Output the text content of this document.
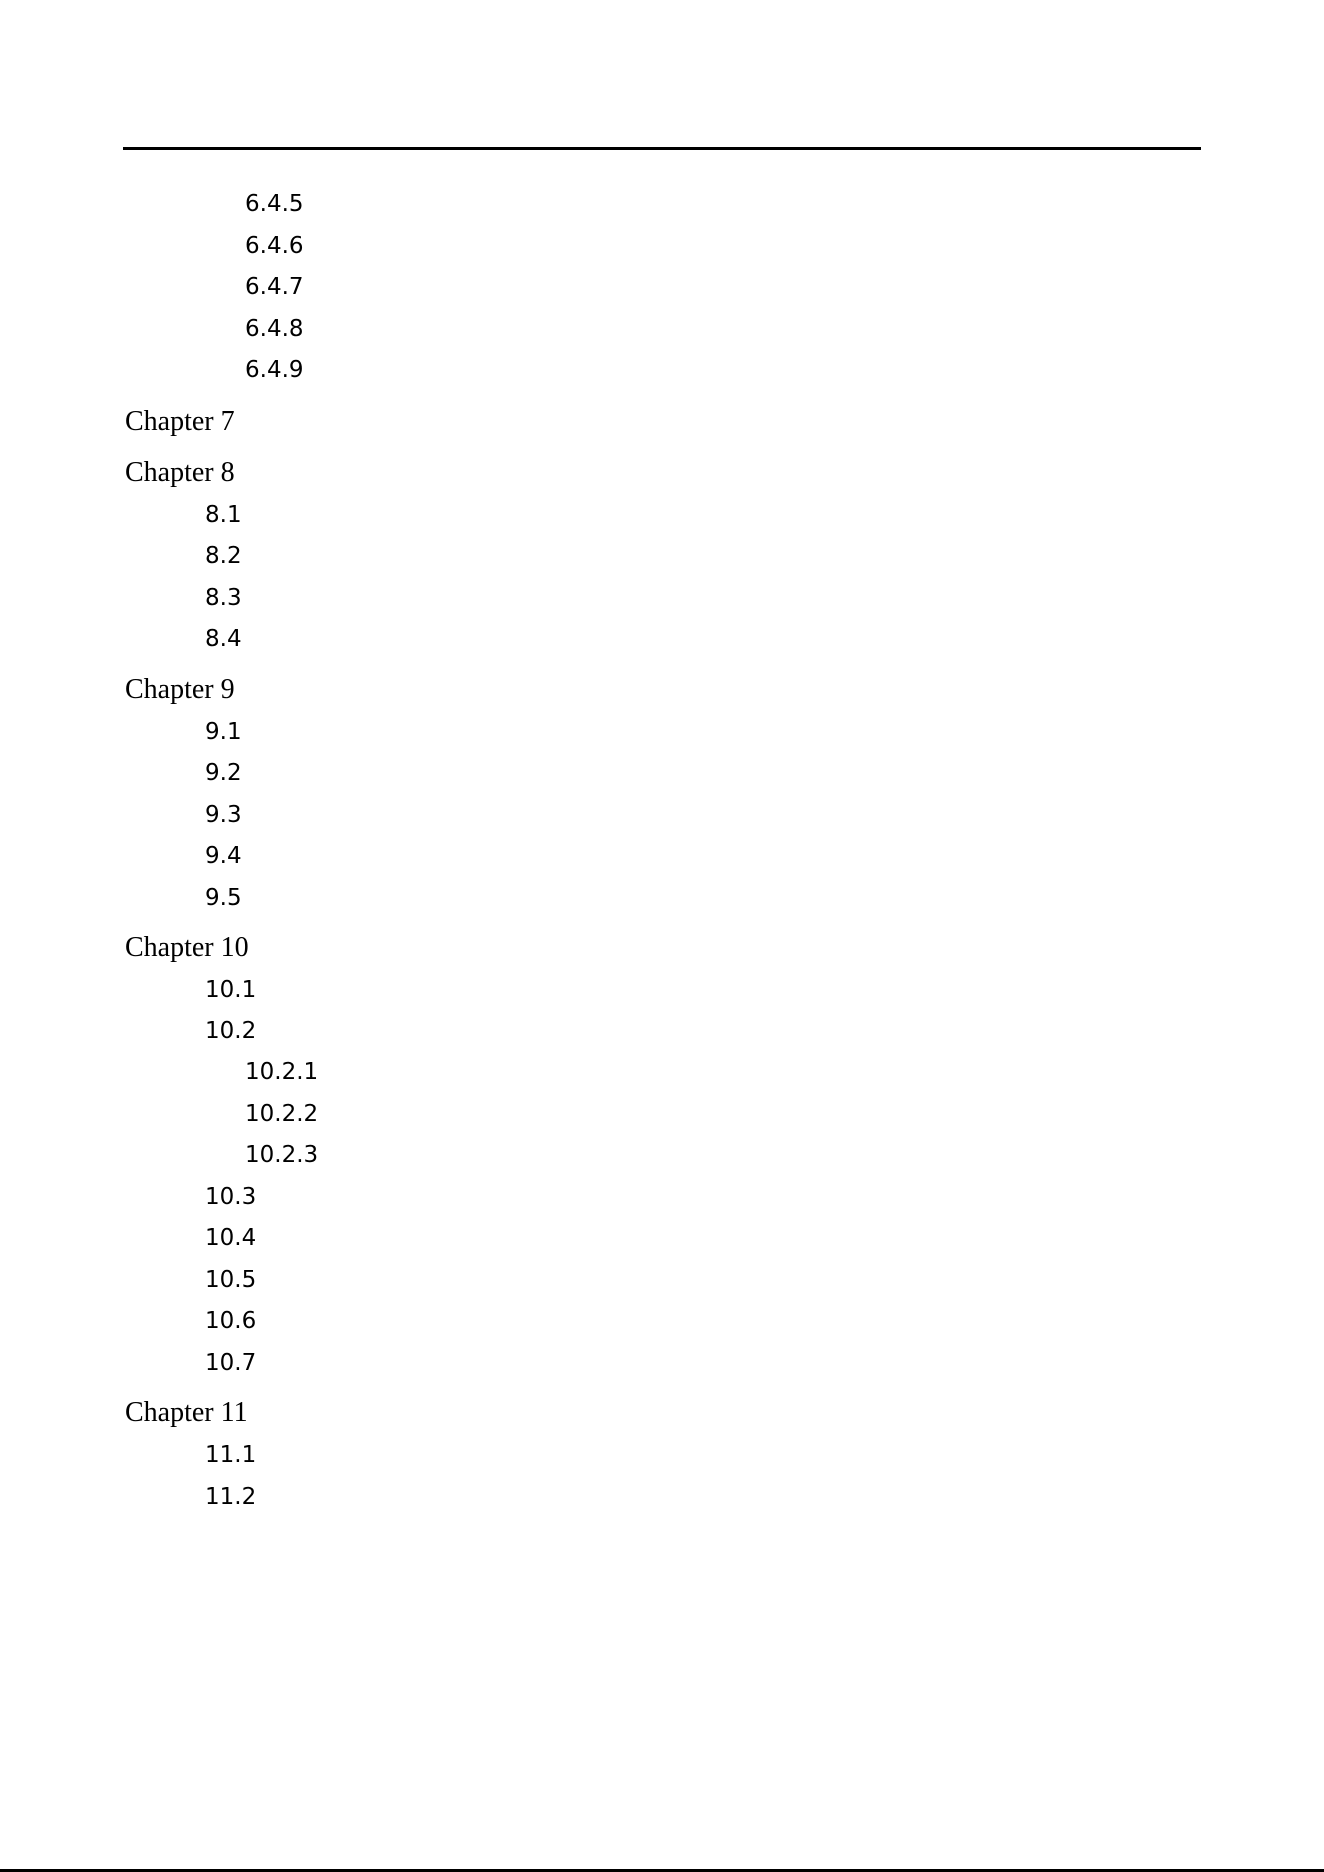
6.4.5
6.4.6
6.4.7
6.4.8
6.4.9
Chapter 7
Chapter 8
8.1
8.2
8.3
8.4
Chapter 9
9.1
9.2
9.3
9.4
9.5
Chapter 10
10.1
10.2
10.2.1
10.2.2
10.2.3
10.3
10.4
10.5
10.6
10.7
Chapter 11
11.1
11.2
